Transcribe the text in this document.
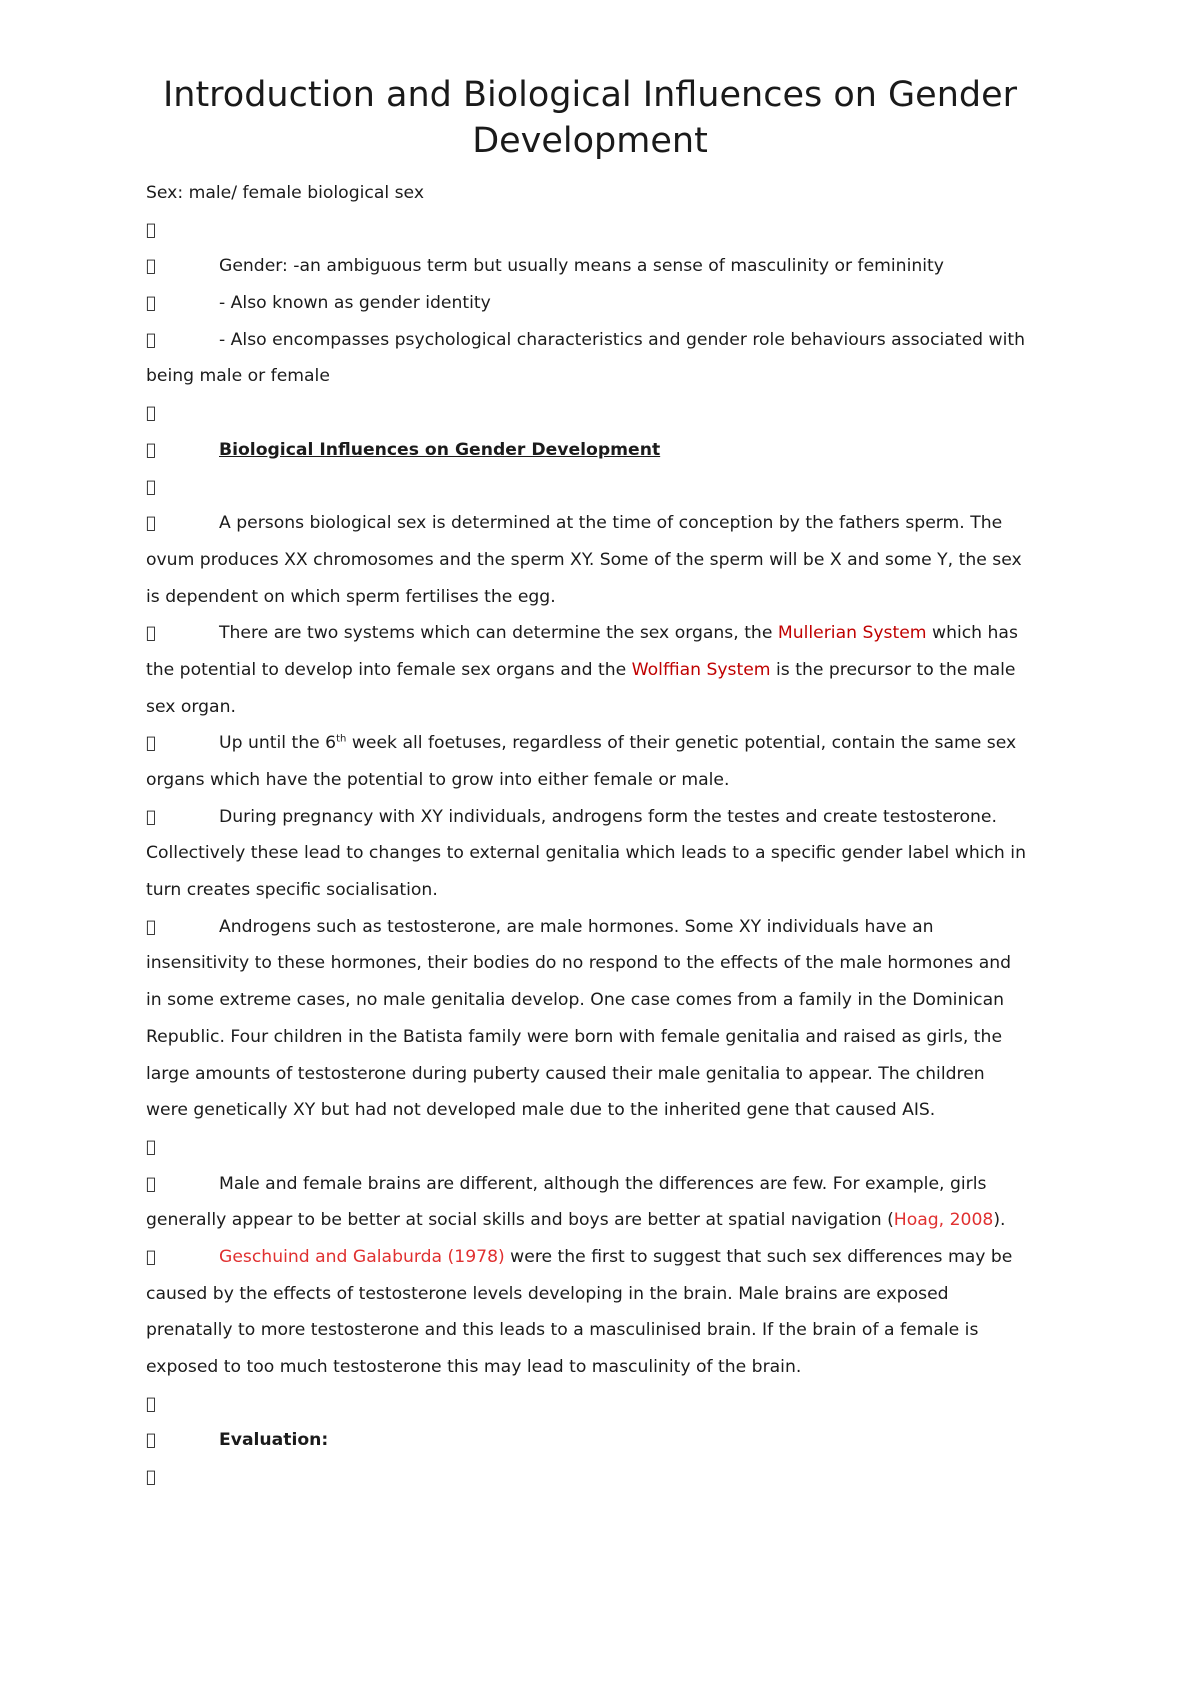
Introduction and Biological Influences on Gender Development
Sex: male/ female biological sex
Gender: -an ambiguous term but usually means a sense of masculinity or femininity
- Also known as gender identity
- Also encompasses psychological characteristics and gender role behaviours associated with
being male or female
Biological Influences on Gender Development
A persons biological sex is determined at the time of conception by the fathers sperm. The
ovum produces XX chromosomes and the sperm XY. Some of the sperm will be X and some Y, the sex
is dependent on which sperm fertilises the egg.
There are two systems which can determine the sex organs, the Mullerian System which has
the potential to develop into female sex organs and the Wolffian System is the precursor to the male
sex organ.
Up until the 6th week all foetuses, regardless of their genetic potential, contain the same sex
organs which have the potential to grow into either female or male.
During pregnancy with XY individuals, androgens form the testes and create testosterone.
Collectively these lead to changes to external genitalia which leads to a specific gender label which in
turn creates specific socialisation.
Androgens such as testosterone, are male hormones. Some XY individuals have an
insensitivity to these hormones, their bodies do no respond to the effects of the male hormones and
in some extreme cases, no male genitalia develop. One case comes from a family in the Dominican
Republic. Four children in the Batista family were born with female genitalia and raised as girls, the
large amounts of testosterone during puberty caused their male genitalia to appear. The children
were genetically XY but had not developed male due to the inherited gene that caused AIS.
Male and female brains are different, although the differences are few. For example, girls
generally appear to be better at social skills and boys are better at spatial navigation (Hoag, 2008).
Geschuind and Galaburda (1978) were the first to suggest that such sex differences may be
caused by the effects of testosterone levels developing in the brain. Male brains are exposed
prenatally to more testosterone and this leads to a masculinised brain. If the brain of a female is
exposed to too much testosterone this may lead to masculinity of the brain.
Evaluation:
